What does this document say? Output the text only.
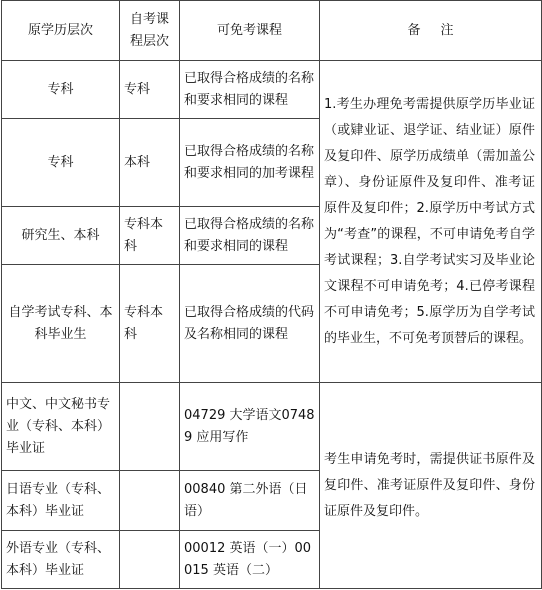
原学历层次	自考课程层次	可免考课程	备注
专科	专科	已取得合格成绩的名称和要求相同的课程	1.考生办理免考需提供原学历毕业证（或肄业证、退学证、结业证）原件及复印件、原学历成绩单（需加盖公章）、身份证原件及复印件、准考证原件及复印件；2.原学历中考试方式为“考查”的课程，不可申请免考自学考试课程；3.自学考试实习及毕业论文课程不可申请免考；4.已停考课程不可申请免考；5.原学历为自学考试的毕业生，不可免考顶替后的课程。
专科	本科	已取得合格成绩的名称和要求相同的加考课程	
研究生、本科	专科本科	已取得合格成绩的名称和要求相同的课程	
自学考试专科、本科毕业生	专科本科	已取得合格成绩的代码及名称相同的课程	
中文、中文秘书专业（专科、本科）毕业证		04729 大学语文07489 应用写作	考生申请免考时，需提供证书原件及复印件、准考证原件及复印件、身份证原件及复印件。
日语专业（专科、本科）毕业证		00840 第二外语（日语）	
外语专业（专科、本科）毕业证		00012 英语（一）00015 英语（二）	
